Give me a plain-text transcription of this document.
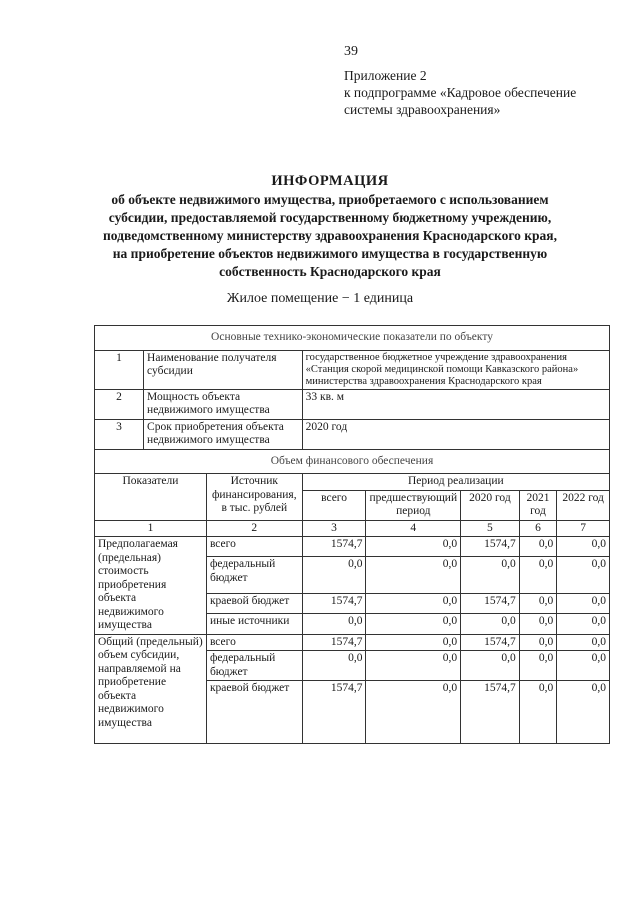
39
Приложение 2
к подпрограмме «Кадровое обеспечение
системы здравоохранения»
ИНФОРМАЦИЯ
об объекте недвижимого имущества, приобретаемого с использованием
субсидии, предоставляемой государственному бюджетному учреждению,
подведомственному министерству здравоохранения Краснодарского края,
на приобретение объектов недвижимого имущества в государственную
собственность Краснодарского края
Жилое помещение − 1 единица
Основные технико-экономические показатели по объекту							
1	Наименование получателя субсидии		государственное бюджетное учреждение здравоохранения «Станция скорой медицинской помощи Кавказского района» министерства здравоохранения Краснодарского края				
2	Мощность объекта недвижимого имущества		33 кв. м				
3	Срок приобретения объекта недвижимого имущества		2020 год				
Объем финансового обеспечения							
Показатели		Источник финансирования, в тыс. рублей	Период реализации				
			всего	предшествующий период	2020 год	2021 год	2022 год
1		2	3	4	5	6	7
Предполагаемая (предельная) стоимость приобретения объекта недвижимого имущества		всего	1574,7	0,0	1574,7	0,0	0,0
		федеральный бюджет	0,0	0,0	0,0	0,0	0,0
		краевой бюджет	1574,7	0,0	1574,7	0,0	0,0
		иные источники	0,0	0,0	0,0	0,0	0,0
Общий (предельный) объем субсидии, направляемой на приобретение объекта недвижимого имущества		всего	1574,7	0,0	1574,7	0,0	0,0
		федеральный бюджет	0,0	0,0	0,0	0,0	0,0
		краевой бюджет	1574,7	0,0	1574,7	0,0	0,0
